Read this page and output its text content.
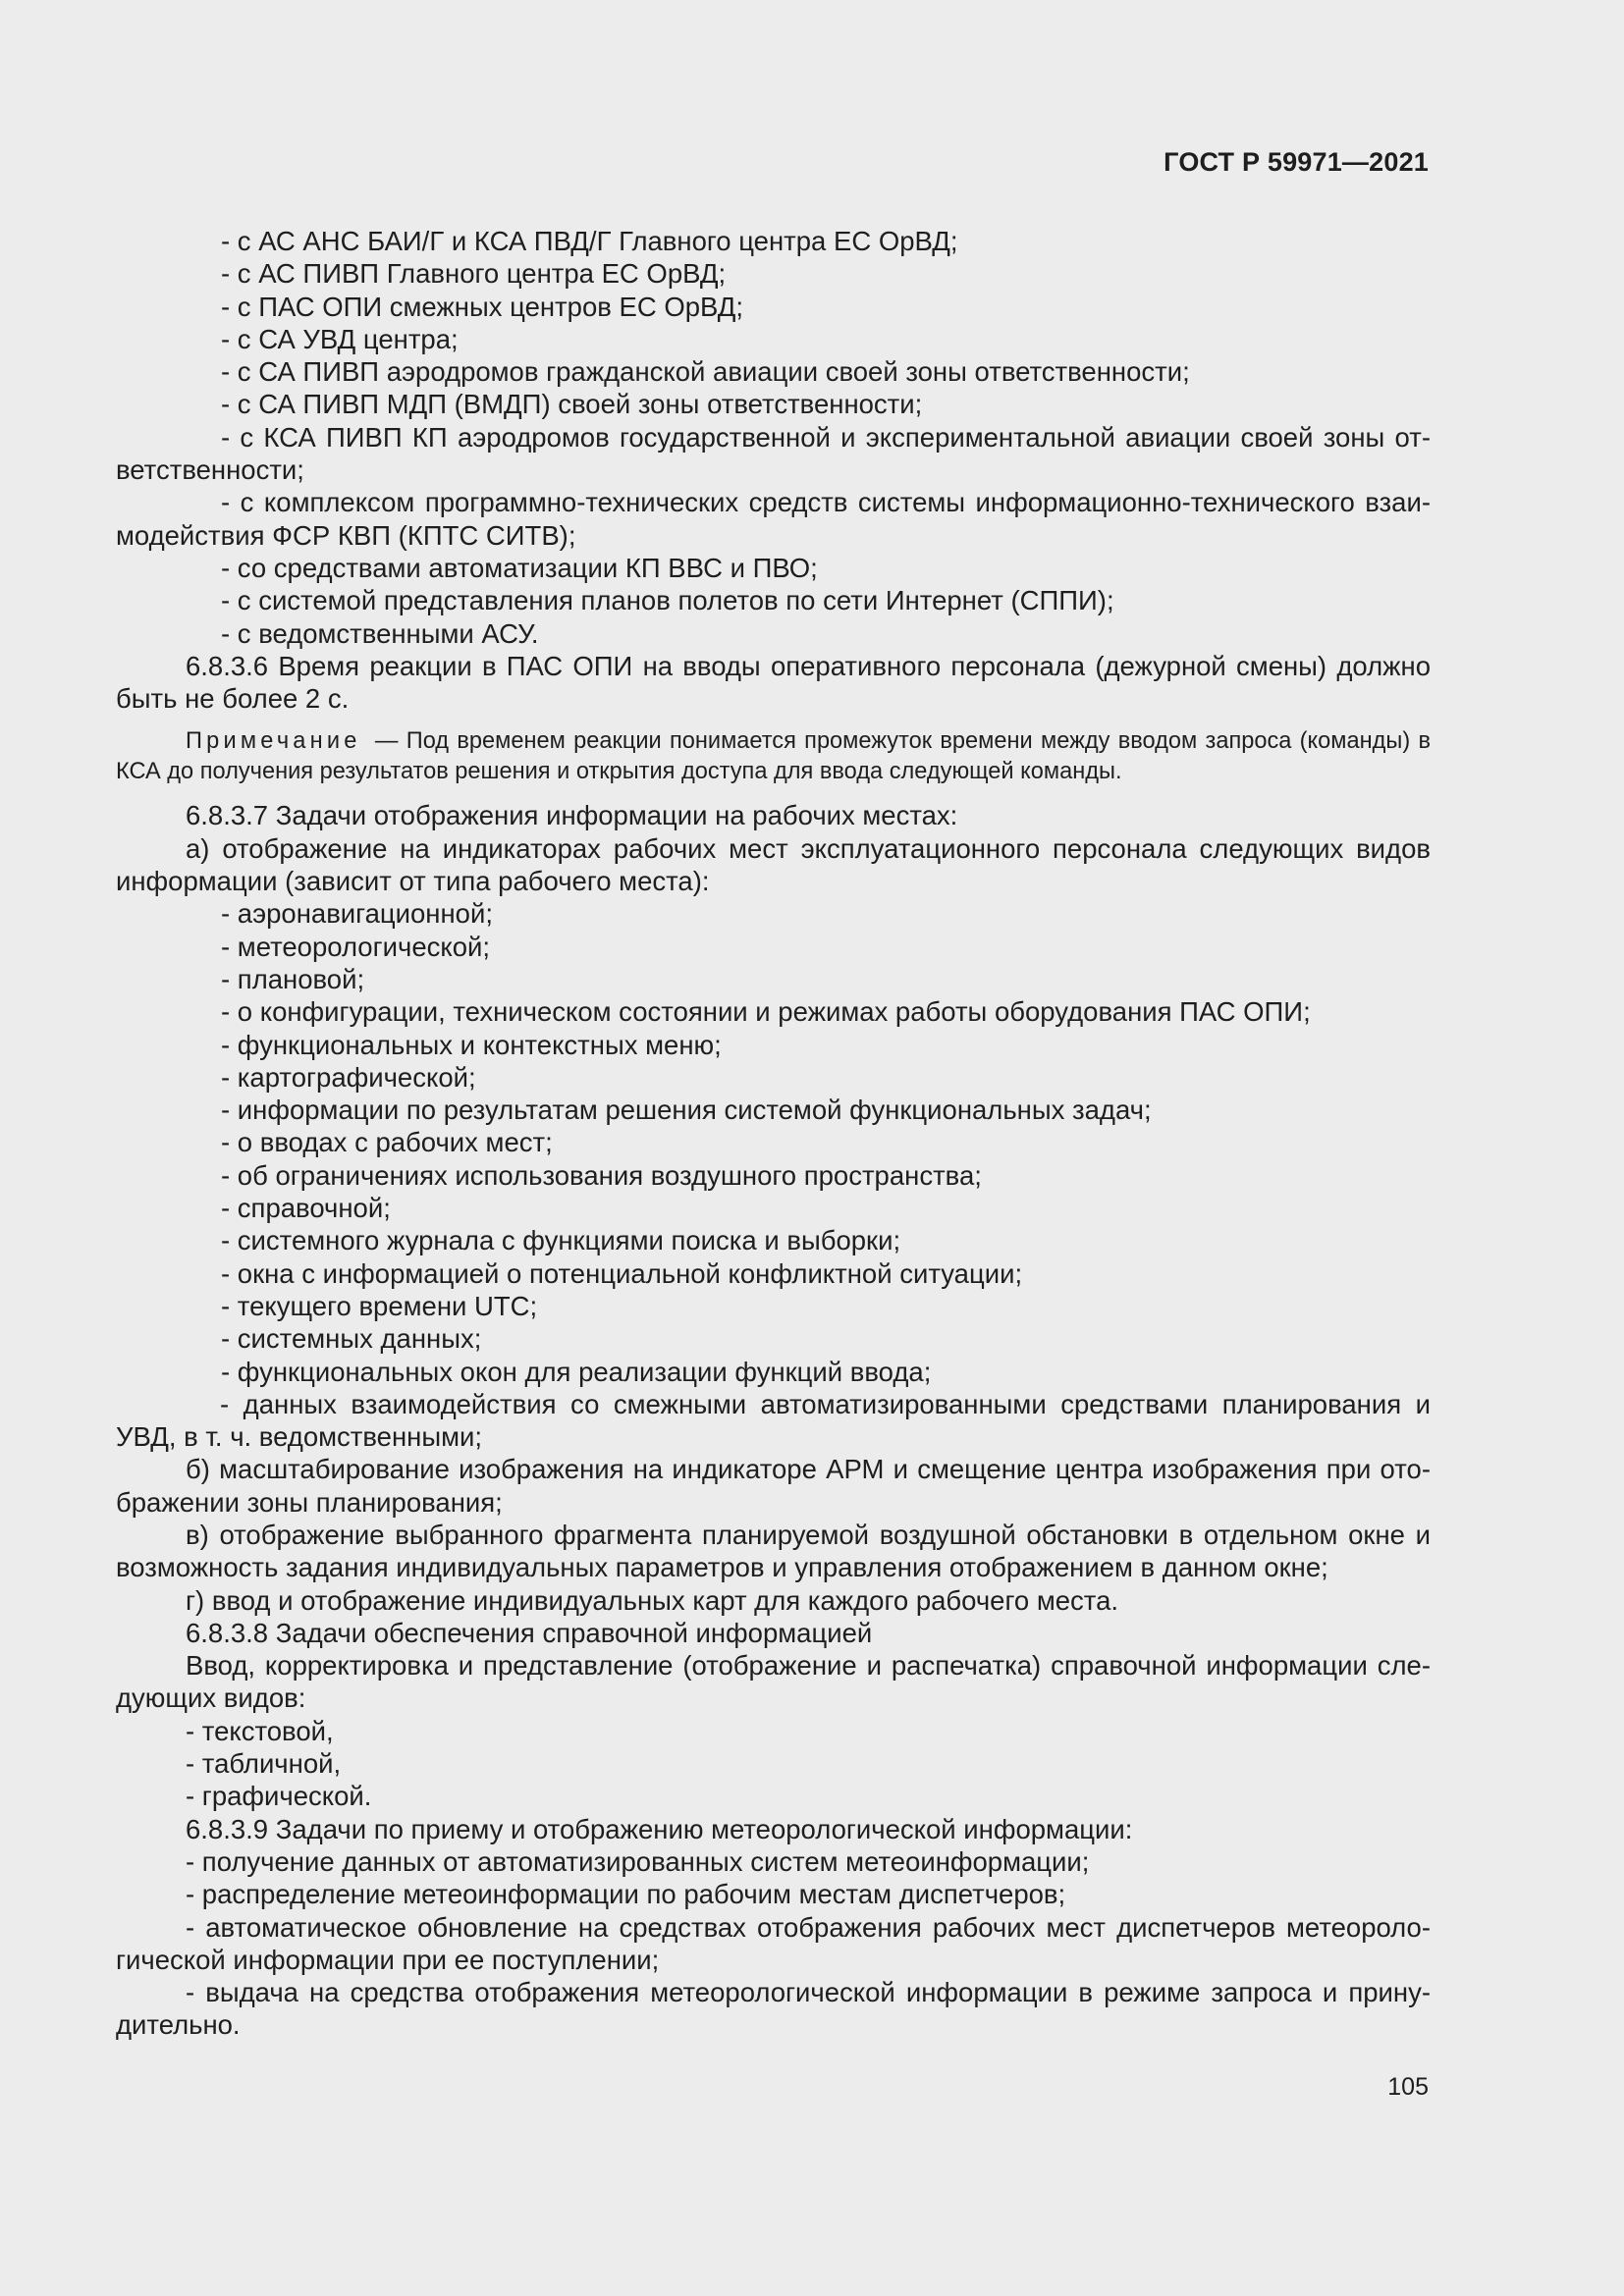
ГОСТ Р 59971—2021

- с АС АНС БАИ/Г и КСА ПВД/Г Главного центра ЕС ОрВД;

- с АС ПИВП Главного центра ЕС ОрВД;

- с ПАС ОПИ смежных центров ЕС ОрВД;

- с СА УВД центра;

- с СА ПИВП аэродромов гражданской авиации своей зоны ответственности;

- с СА ПИВП МДП (ВМДП) своей зоны ответственности;

- с КСА ПИВП КП аэродромов государственной и экспериментальной авиации своей зоны ответственности;

- с комплексом программно-технических средств системы информационно-технического взаимодействия ФСР КВП (КПТС СИТВ);

- со средствами автоматизации КП ВВС и ПВО;

- с системой представления планов полетов по сети Интернет (СППИ);

- с ведомственными АСУ.

6.8.3.6 Время реакции в ПАС ОПИ на вводы оперативного персонала (дежурной смены) должно быть не более 2 с.

Примечание — Под временем реакции понимается промежуток времени между вводом запроса (команды) в КСА до получения результатов решения и открытия доступа для ввода следующей команды.

6.8.3.7 Задачи отображения информации на рабочих местах:

а) отображение на индикаторах рабочих мест эксплуатационного персонала следующих видов информации (зависит от типа рабочего места):

- аэронавигационной;

- метеорологической;

- плановой;

- о конфигурации, техническом состоянии и режимах работы оборудования ПАС ОПИ;

- функциональных и контекстных меню;

- картографической;

- информации по результатам решения системой функциональных задач;

- о вводах с рабочих мест;

- об ограничениях использования воздушного пространства;

- справочной;

- системного журнала с функциями поиска и выборки;

- окна с информацией о потенциальной конфликтной ситуации;

- текущего времени UTC;

- системных данных;

- функциональных окон для реализации функций ввода;

- данных взаимодействия со смежными автоматизированными средствами планирования и УВД, в т. ч. ведомственными;

б) масштабирование изображения на индикаторе АРМ и смещение центра изображения при отображении зоны планирования;

в) отображение выбранного фрагмента планируемой воздушной обстановки в отдельном окне и возможность задания индивидуальных параметров и управления отображением в данном окне;

г) ввод и отображение индивидуальных карт для каждого рабочего места.

6.8.3.8 Задачи обеспечения справочной информацией

Ввод, корректировка и представление (отображение и распечатка) справочной информации следующих видов:

- текстовой,

- табличной,

- графической.

6.8.3.9 Задачи по приему и отображению метеорологической информации:

- получение данных от автоматизированных систем метеоинформации;

- распределение метеоинформации по рабочим местам диспетчеров;

- автоматическое обновление на средствах отображения рабочих мест диспетчеров метеорологической информации при ее поступлении;

- выдача на средства отображения метеорологической информации в режиме запроса и принудительно.

105
